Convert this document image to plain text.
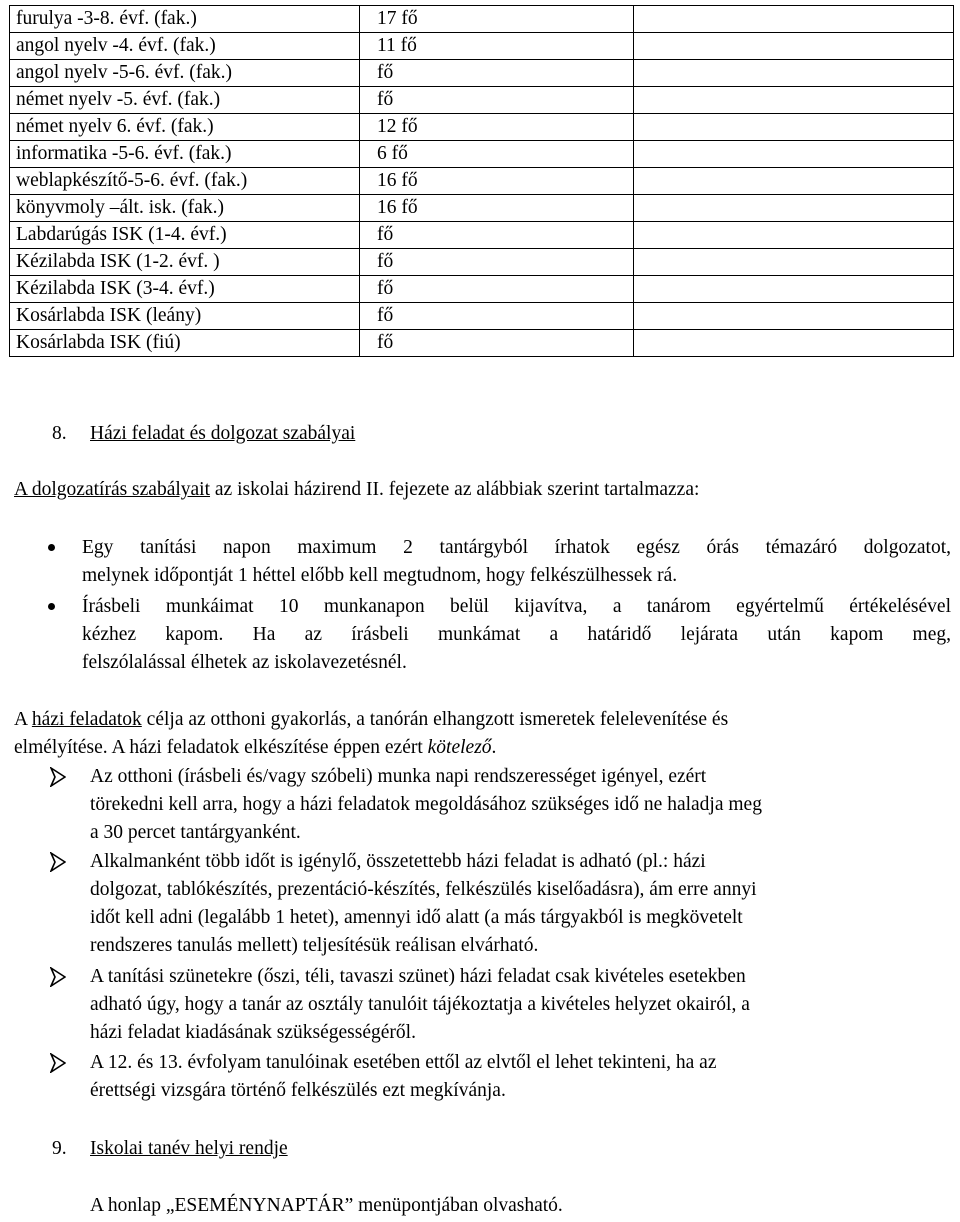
furulya -3-8. évf. (fak.)	17 fő	
angol nyelv -4. évf. (fak.)	11 fő	
angol nyelv -5-6. évf. (fak.)	fő	
német nyelv -5. évf. (fak.)	fő	
német nyelv 6. évf. (fak.)	12 fő	
informatika -5-6. évf. (fak.)	6 fő	
weblapkészítő-5-6. évf. (fak.)	16 fő	
könyvmoly –ált. isk. (fak.)	16 fő	
Labdarúgás ISK (1-4. évf.)	fő	
Kézilabda ISK (1-2. évf. )	fő	
Kézilabda ISK (3-4. évf.)	fő	
Kosárlabda ISK (leány)	fő	
Kosárlabda ISK (fiú)	fő	
8. Házi feladat és dolgozat szabályai
A dolgozatírás szabályait az iskolai házirend II. fejezete az alábbiak szerint tartalmazza:
Egy tanítási napon maximum 2 tantárgyból írhatok egész órás témazáró dolgozatot,
melynek időpontját 1 héttel előbb kell megtudnom, hogy felkészülhessek rá.
Írásbeli munkáimat 10 munkanapon belül kijavítva, a tanárom egyértelmű értékelésével
kézhez kapom. Ha az írásbeli munkámat a határidő lejárata után kapom meg,
felszólalással élhetek az iskolavezetésnél.
A házi feladatok célja az otthoni gyakorlás, a tanórán elhangzott ismeretek felelevenítése és
elmélyítése. A házi feladatok elkészítése éppen ezért kötelező.
Az otthoni (írásbeli és/vagy szóbeli) munka napi rendszerességet igényel, ezért
törekedni kell arra, hogy a házi feladatok megoldásához szükséges idő ne haladja meg
a 30 percet tantárgyanként.
Alkalmanként több időt is igénylő, összetettebb házi feladat is adható (pl.: házi
dolgozat, tablókészítés, prezentáció-készítés, felkészülés kiselőadásra), ám erre annyi
időt kell adni (legalább 1 hetet), amennyi idő alatt (a más tárgyakból is megkövetelt
rendszeres tanulás mellett) teljesítésük reálisan elvárható.
A tanítási szünetekre (őszi, téli, tavaszi szünet) házi feladat csak kivételes esetekben
adható úgy, hogy a tanár az osztály tanulóit tájékoztatja a kivételes helyzet okairól, a
házi feladat kiadásának szükségességéről.
A 12. és 13. évfolyam tanulóinak esetében ettől az elvtől el lehet tekinteni, ha az
érettségi vizsgára történő felkészülés ezt megkívánja.
9. Iskolai tanév helyi rendje
A honlap „ESEMÉNYNAPTÁR” menüpontjában olvasható.
